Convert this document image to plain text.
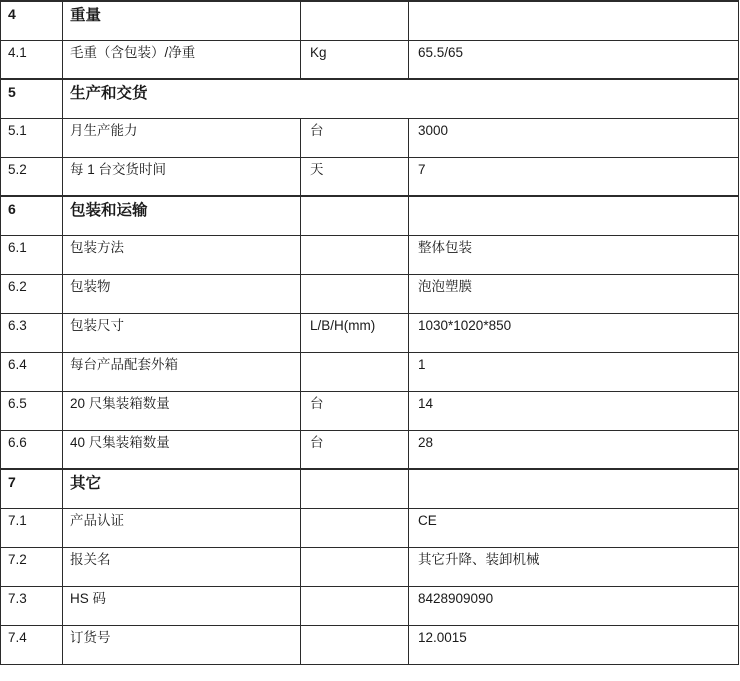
4	重量		
4.1	毛重（含包装）/净重	Kg	65.5/65
5	生产和交货		
5.1	月生产能力	台	3000
5.2	每 1 台交货时间	天	7
6	包装和运输		
6.1	包装方法		整体包装
6.2	包装物		泡泡塑膜
6.3	包装尺寸	L/B/H(mm)	1030*1020*850
6.4	每台产品配套外箱		1
6.5	20 尺集装箱数量	台	14
6.6	40 尺集装箱数量	台	28
7	其它		
7.1	产品认证		CE
7.2	报关名		其它升降、装卸机械
7.3	HS 码		8428909090
7.4	订货号		12.0015
